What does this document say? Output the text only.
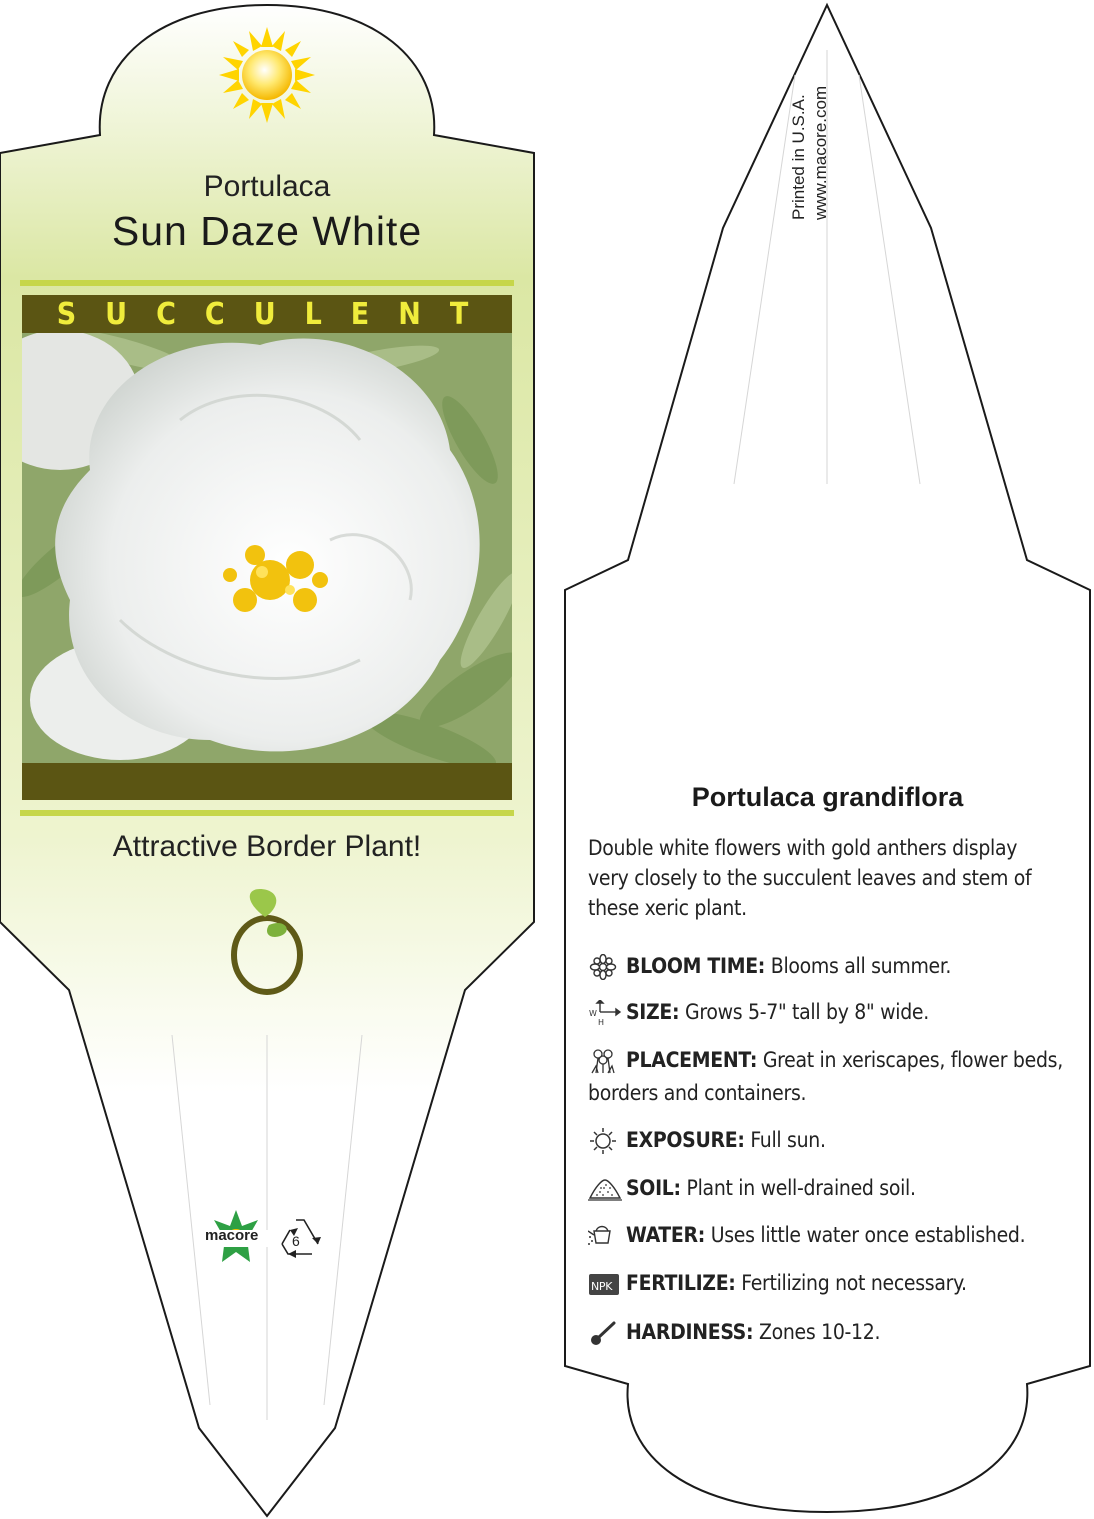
Portulaca
Sun Daze White
SUCCULENT
Attractive Border Plant!
macore 6
Printed in U.S.A. www.macore.com
Portulaca grandiflora
Double white flowers with gold anthers display very closely to the succulent leaves and stem of these xeric plant.
BLOOM TIME: Blooms all summer.
W
H SIZE: Grows 5-7" tall by 8" wide.
PLACEMENT: Great in xeriscapes, flower beds, borders and containers.
EXPOSURE: Full sun.
SOIL: Plant in well-drained soil.
WATER: Uses little water once established.
NPK FERTILIZE: Fertilizing not necessary.
HARDINESS: Zones 10-12.
